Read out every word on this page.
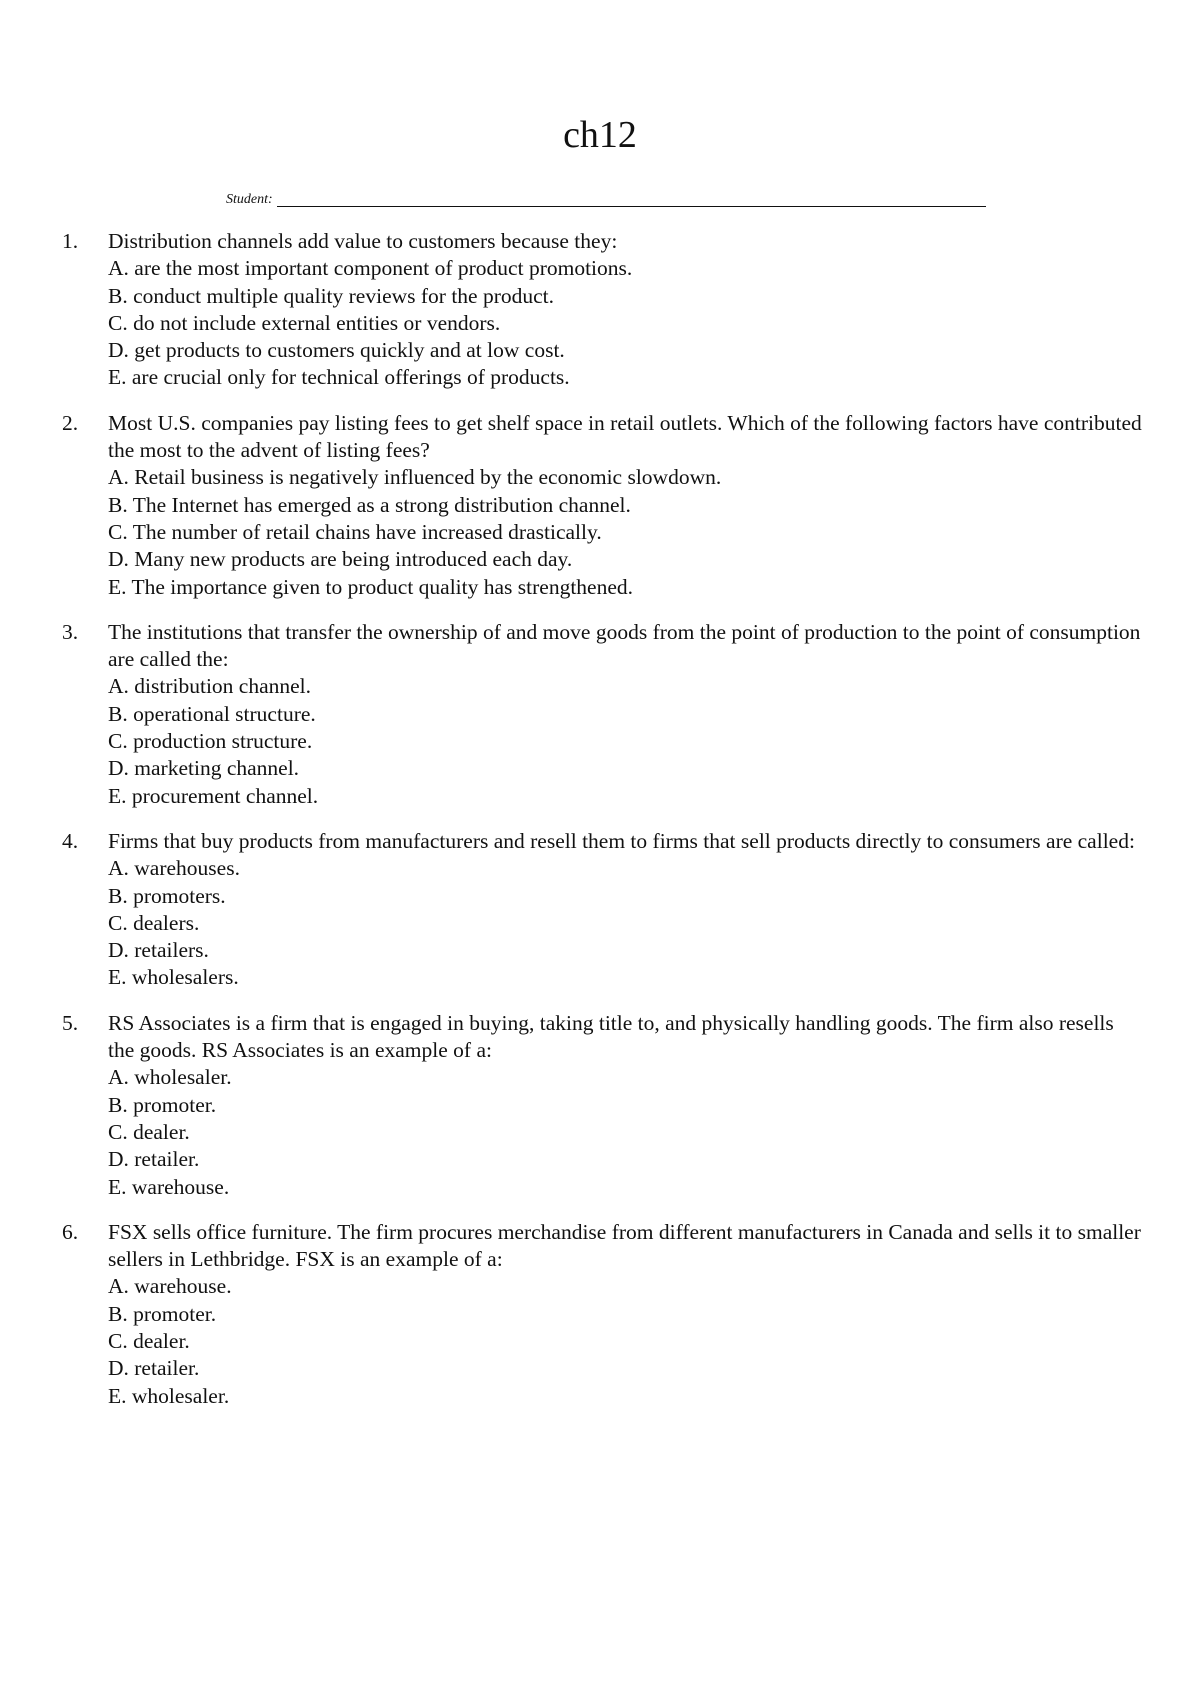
ch12
Student:
1.	Distribution channels add value to customers because they:
A. are the most important component of product promotions.
B. conduct multiple quality reviews for the product.
C. do not include external entities or vendors.
D. get products to customers quickly and at low cost.
E. are crucial only for technical offerings of products.
2.	Most U.S. companies pay listing fees to get shelf space in retail outlets. Which of the following factors have contributed the most to the advent of listing fees?
A. Retail business is negatively influenced by the economic slowdown.
B. The Internet has emerged as a strong distribution channel.
C. The number of retail chains have increased drastically.
D. Many new products are being introduced each day.
E. The importance given to product quality has strengthened.
3.	The institutions that transfer the ownership of and move goods from the point of production to the point of consumption are called the:
A. distribution channel.
B. operational structure.
C. production structure.
D. marketing channel.
E. procurement channel.
4.	Firms that buy products from manufacturers and resell them to firms that sell products directly to consumers are called:
A. warehouses.
B. promoters.
C. dealers.
D. retailers.
E. wholesalers.
5.	RS Associates is a firm that is engaged in buying, taking title to, and physically handling goods. The firm also resells the goods. RS Associates is an example of a:
A. wholesaler.
B. promoter.
C. dealer.
D. retailer.
E. warehouse.
6.	FSX sells office furniture. The firm procures merchandise from different manufacturers in Canada and sells it to smaller sellers in Lethbridge. FSX is an example of a:
A. warehouse.
B. promoter.
C. dealer.
D. retailer.
E. wholesaler.
